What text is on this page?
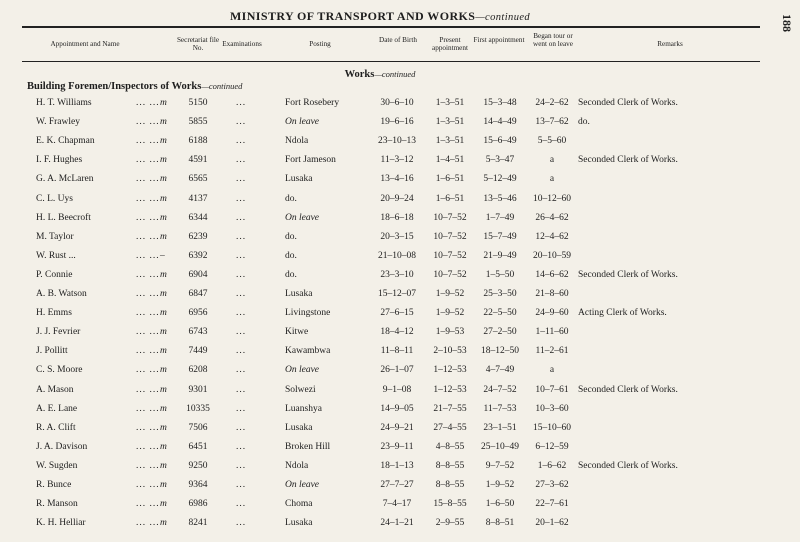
MINISTRY OF TRANSPORT AND WORKS—continued	188
Appointment and Name	Secretariat file No.	Examinations	Posting	Date of Birth	Present appointment
First appointment	Began tour or went on leave	Remarks
Works—continued
Building Foremen/Inspectors of Works—continued
H. T. Williams	... ... m	5150	...	Fort Rosebery	30–6–10	1–3–51	15–3–48	24–2–62 Seconded Clerk of Works.
W. Frawley	... ... m	5855	...	On leave	19–6–16	1–3–51	14–4–49	13–7–62 do.
E. K. Chapman	... ... m	6188	...	Ndola	23–10–13	1–3–51	15–6–49	5–5–60
I. F. Hughes	... ... m	4591	...	Fort Jameson	11–3–12	1–4–51	5–3–47	a	Seconded Clerk of Works.
G. A. McLaren	... ... m	6565	...	Lusaka	13–4–16	1–6–51	5–12–49	a
C. L. Uys	... ... m	4137	...	do.	20–9–24	1–6–51	13–5–46	10–12–60
H. L. Beecroft	... ... m	6344	...	On leave	18–6–18	10–7–52	1–7–49	26–4–62
M. Taylor	... ... m	6239	...	do.	20–3–15	10–7–52	15–7–49	12–4–62
W. Rust ...	... ... –	6392	...	do.	21–10–08	10–7–52	21–9–49	20–10–59
P. Connie	... ... m	6904	...	do.	23–3–10	10–7–52	1–5–50	14–6–62 Seconded Clerk of Works.
A. B. Watson	... ... m	6847	...	Lusaka	15–12–07	1–9–52	25–3–50	21–8–60
H. Emms	... ... m	6956	...	Livingstone	27–6–15	1–9–52	22–5–50	24–9–60 Acting Clerk of Works.
J. J. Fevrier	... ... m	6743	...	Kitwe	18–4–12	1–9–53	27–2–50	1–11–60
J. Pollitt	... ... m	7449	...	Kawambwa	11–8–11	2–10–53	18–12–50	11–2–61
C. S. Moore	... ... m	6208	...	On leave	26–1–07	1–12–53	4–7–49	a
A. Mason	... ... m	9301	...	Solwezi	9–1–08	1–12–53	24–7–52	10–7–61 Seconded Clerk of Works.
A. E. Lane	... ... m	10335	...	Luanshya	14–9–05	21–7–55	11–7–53	10–3–60
R. A. Clift	... ... m	7506	...	Lusaka	24–9–21	27–4–55	23–1–51	15–10–60
J. A. Davison	... ... m	6451	...	Broken Hill	23–9–11	4–8–55	25–10–49	6–12–59
W. Sugden	... ... m	9250	...	Ndola	18–1–13	8–8–55	9–7–52	1–6–62	Seconded Clerk of Works.
R. Bunce	... ... m	9364	...	On leave	27–7–27	8–8–55	1–9–52	27–3–62
R. Manson	... ... m	6986	...	Choma	7–4–17	15–8–55	1–6–50	22–7–61
K. H. Helliar	... ... m	8241	...	Lusaka	24–1–21	2–9–55	8–8–51	20–1–62
